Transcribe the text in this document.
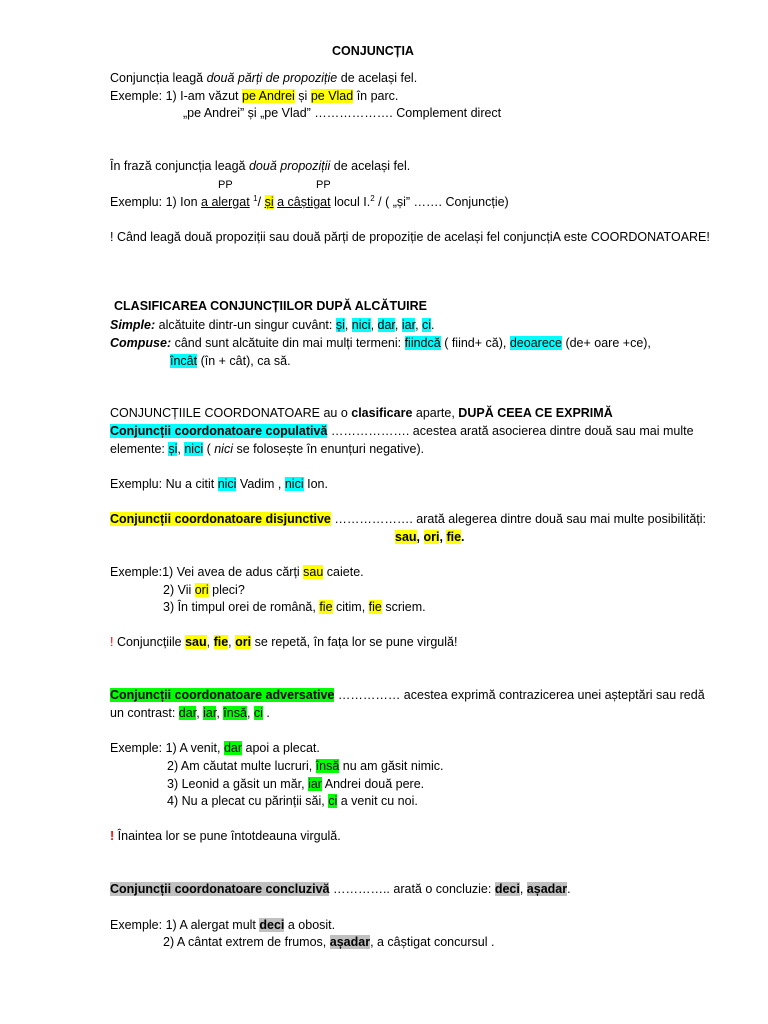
CONJUNCȚIA
Conjuncția leagă două părți de propoziție de același fel.
Exemple: 1) I-am văzut pe Andrei și pe Vlad în parc.
„pe Andrei” și „pe Vlad” ………………. Complement direct
În frază conjuncția leagă două propoziții de același fel.
PP	PP
Exemplu: 1) Ion a alergat $^1$/ și a câștigat locul I.$^2$ / ( „și” ……. Conjuncție)
! Când leagă două propoziții sau două părți de propoziție de același fel conjuncțiA este COORDONATOARE!
CLASIFICAREA CONJUNCȚIILOR DUPĂ ALCĂTUIRE
Simple: alcătuite dintr-un singur cuvânt: și, nici, dar, iar, ci.
Compuse: când sunt alcătuite din mai mulți termeni: fiindcă ( fiind+ că), deoarece (de+ oare +ce),
încât (în + cât), ca să.
CONJUNCȚIILE COORDONATOARE au o clasificare aparte, DUPĂ CEEA CE EXPRIMĂ
Conjuncții coordonatoare copulativă ………………. acestea arată asocierea dintre două sau mai multe
elemente: și, nici ( nici se folosește în enunțuri negative).
Exemplu: Nu a citit nici Vadim , nici Ion.
Conjuncții coordonatoare disjunctive ………………. arată alegerea dintre două sau mai multe posibilități:
sau, ori, fie.
Exemple:1) Vei avea de adus cărți sau caiete.
2) Vii ori pleci?
3) În timpul orei de română, fie citim, fie scriem.
! Conjuncțiile sau, fie, ori se repetă, în fața lor se pune virgulă!
Conjuncții coordonatoare adversative …………… acestea exprimă contrazicerea unei așteptări sau redă
un contrast: dar, iar, însă, ci .
Exemple: 1) A venit, dar apoi a plecat.
2) Am căutat multe lucruri, însă nu am găsit nimic.
3) Leonid a găsit un măr, iar Andrei două pere.
4) Nu a plecat cu părinții săi, ci a venit cu noi.
! Înaintea lor se pune întotdeauna virgulă.
Conjuncții coordonatoare concluzivă ………….. arată o concluzie: deci, așadar.
Exemple: 1) A alergat mult deci a obosit.
2) A cântat extrem de frumos, așadar, a câștigat concursul .
